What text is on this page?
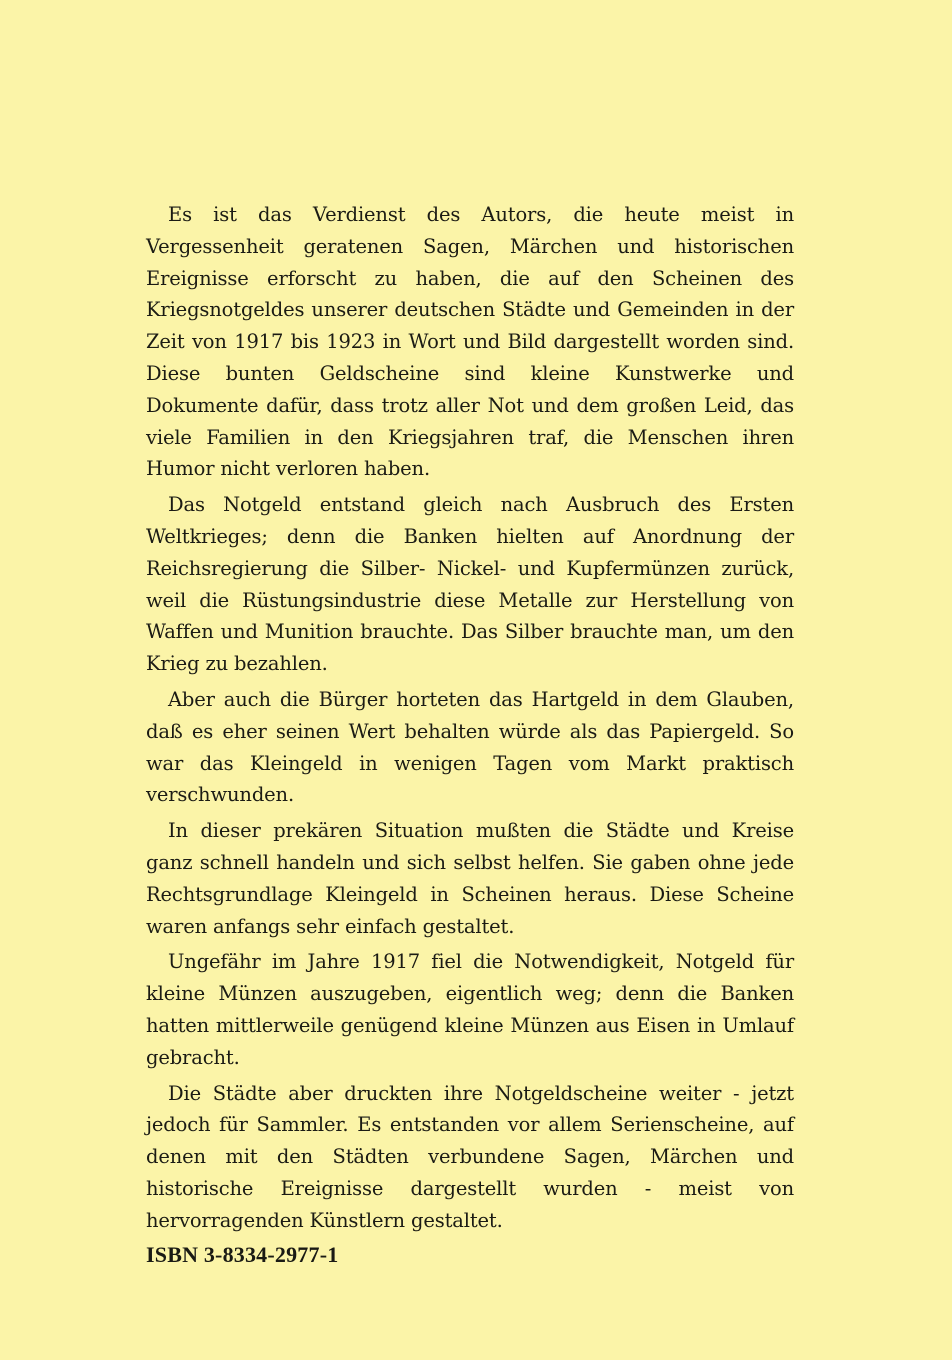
Es ist das Verdienst des Autors, die heute meist in Vergessenheit geratenen Sagen, Märchen und historischen Ereignisse erforscht zu haben, die auf den Scheinen des Kriegsnotgeldes unserer deutschen Städte und Gemeinden in der Zeit von 1917 bis 1923 in Wort und Bild dargestellt worden sind. Diese bunten Geldscheine sind kleine Kunstwerke und Dokumente dafür, dass trotz aller Not und dem großen Leid, das viele Familien in den Kriegsjahren traf, die Menschen ihren Humor nicht verloren haben.

Das Notgeld entstand gleich nach Ausbruch des Ersten Weltkrieges; denn die Banken hielten auf Anordnung der Reichsregierung die Silber- Nickel- und Kupfermünzen zurück, weil die Rüstungsindustrie diese Metalle zur Herstellung von Waffen und Munition brauchte. Das Silber brauchte man, um den Krieg zu bezahlen.

Aber auch die Bürger horteten das Hartgeld in dem Glauben, daß es eher seinen Wert behalten würde als das Papiergeld. So war das Kleingeld in wenigen Tagen vom Markt praktisch verschwunden.

In dieser prekären Situation mußten die Städte und Kreise ganz schnell handeln und sich selbst helfen. Sie gaben ohne jede Rechtsgrundlage Kleingeld in Scheinen heraus. Diese Scheine waren anfangs sehr einfach gestaltet.

Ungefähr im Jahre 1917 fiel die Notwendigkeit, Notgeld für kleine Münzen auszugeben, eigentlich weg; denn die Banken hatten mittlerweile genügend kleine Münzen aus Eisen in Umlauf gebracht.

Die Städte aber druckten ihre Notgeldscheine weiter - jetzt jedoch für Sammler. Es entstanden vor allem Serienscheine, auf denen mit den Städten verbundene Sagen, Märchen und historische Ereignisse dargestellt wurden - meist von hervorragenden Künstlern gestaltet.

ISBN 3-8334-2977-1
